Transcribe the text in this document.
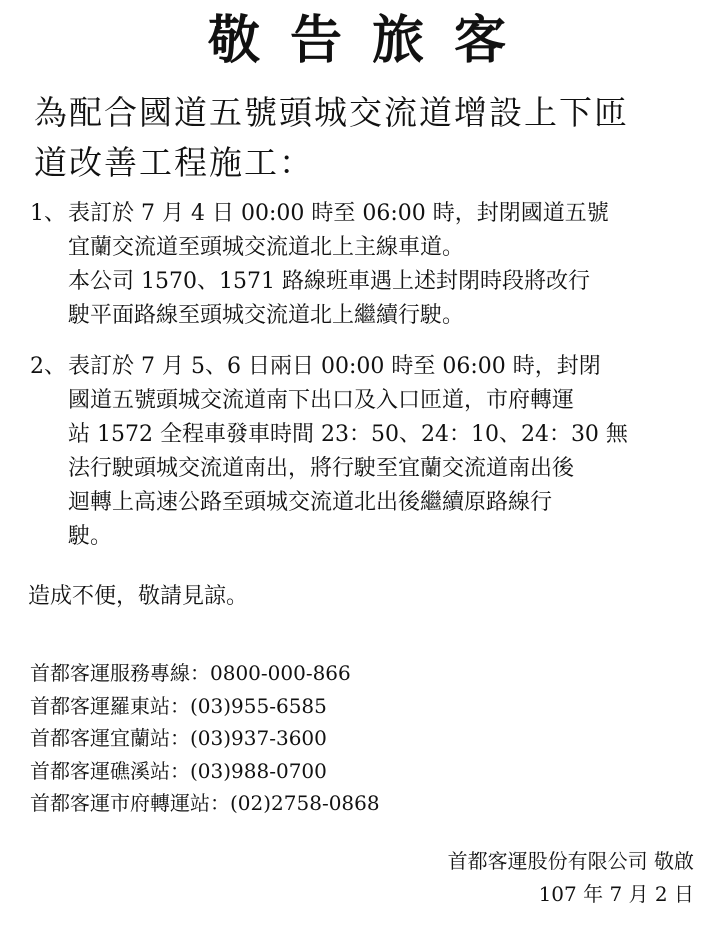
敬告旅客
為配合國道五號頭城交流道增設上下匝
道改善工程施工：
1、 表訂於 7 月 4 日 00:00 時至 06:00 時，封閉國道五號
宜蘭交流道至頭城交流道北上主線車道。
本公司 1570、1571 路線班車遇上述封閉時段將改行
駛平面路線至頭城交流道北上繼續行駛。
2、 表訂於 7 月 5、6 日兩日 00:00 時至 06:00 時，封閉
國道五號頭城交流道南下出口及入口匝道，市府轉運
站 1572 全程車發車時間 23：50、24：10、24：30 無
法行駛頭城交流道南出，將行駛至宜蘭交流道南出後
迴轉上高速公路至頭城交流道北出後繼續原路線行
駛。
造成不便，敬請見諒。
首都客運服務專線：0800-000-866
首都客運羅東站：(03)955-6585
首都客運宜蘭站：(03)937-3600
首都客運礁溪站：(03)988-0700
首都客運市府轉運站：(02)2758-0868
首都客運股份有限公司 敬啟
107 年 7 月 2 日
